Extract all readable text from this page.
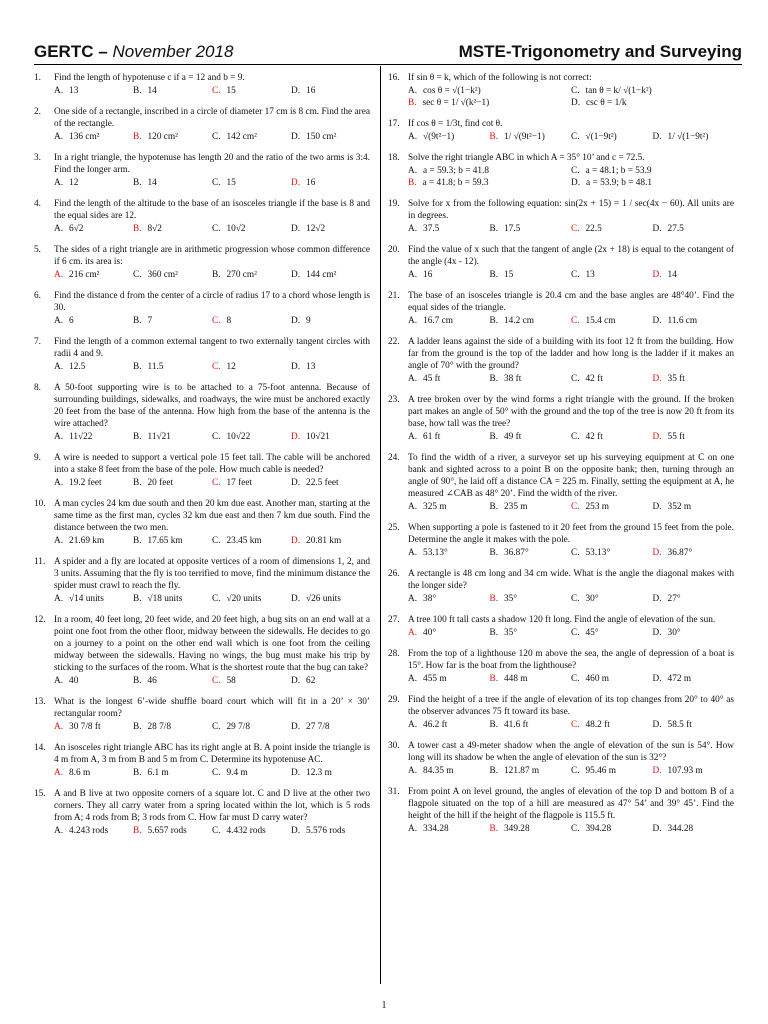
GERTC – November 2018	MSTE-Trigonometry and Surveying
1. Find the length of hypotenuse c if a = 12 and b = 9.
A. 13	B. 14	C. 15	D. 16
2. One side of a rectangle, inscribed in a circle of diameter 17 cm is 8 cm. Find the area of the rectangle.
A. 136 cm²	B. 120 cm²	C. 142 cm²	D. 150 cm²
3. In a right triangle, the hypotenuse has length 20 and the ratio of the two arms is 3:4. Find the longer arm.
A. 12	B. 14	C. 15	D. 16
4. Find the length of the altitude to the base of an isosceles triangle if the base is 8 and the equal sides are 12.
A. 6√2	B. 8√2	C. 10√2	D. 12√2
5. The sides of a right triangle are in arithmetic progression whose common difference if 6 cm. its area is:
A. 216 cm²	C. 360 cm²	B. 270 cm²	D. 144 cm²
6. Find the distance d from the center of a circle of radius 17 to a chord whose length is 30.
A. 6	B. 7	C. 8	D. 9
7. Find the length of a common external tangent to two externally tangent circles with radii 4 and 9.
A. 12.5	B. 11.5	C. 12	D. 13
8. A 50-foot supporting wire is to be attached to a 75-foot antenna. Because of surrounding buildings, sidewalks, and roadways, the wire must be anchored exactly 20 feet from the base of the antenna. How high from the base of the antenna is the wire attached?
A. 11√22	B. 11√21	C. 10√22	D. 10√21
9. A wire is needed to support a vertical pole 15 feet tall. The cable will be anchored into a stake 8 feet from the base of the pole. How much cable is needed?
A. 19.2 feet	B. 20 feet	C. 17 feet	D. 22.5 feet
10. A man cycles 24 km due south and then 20 km due east. Another man, starting at the same time as the first man, cycles 32 km due east and then 7 km due south. Find the distance between the two men.
A. 21.69 km	B. 17.65 km	C. 23.45 km	D. 20.81 km
11. A spider and a fly are located at opposite vertices of a room of dimensions 1, 2, and 3 units. Assuming that the fly is too terrified to move, find the minimum distance the spider must crawl to reach the fly.
A. √14 units	B. √18 units	C. √20 units	D. √26 units
12. In a room, 40 feet long, 20 feet wide, and 20 feet high, a bug sits on an end wall at a point one foot from the other floor, midway between the sidewalls. He decides to go on a journey to a point on the other end wall which is one foot from the ceiling midway between the sidewalls. Having no wings, the bug must make his trip by sticking to the surfaces of the room. What is the shortest route that the bug can take?
A. 40	B. 46	C. 58	D. 62
13. What is the longest 6’-wide shuffle board court which will fit in a 20’ × 30’ rectangular room?
A. 30 7/8 ft	B. 28 7/8	C. 29 7/8	D. 27 7/8
14. An isosceles right triangle ABC has its right angle at B. A point inside the triangle is 4 m from A, 3 m from B and 5 m from C. Determine its hypotenuse AC.
A. 8.6 m	B. 6.1 m	C. 9.4 m	D. 12.3 m
15. A and B live at two opposite corners of a square lot. C and D live at the other two corners. They all carry water from a spring located within the lot, which is 5 rods from A; 4 rods from B; 3 rods from C. How far must D carry water?
A. 4.243 rods	B. 5.657 rods	C. 4.432 rods	D. 5.576 rods
16. If sin θ = k, which of the following is not correct:
A. cos θ = √(1−k²)	C. tan θ = k/ √(1−k²)
B. sec θ = 1/ √(k²−1)	D. csc θ = 1/k
17. If cos θ = 1/3t, find cot θ.
A. √(9t²−1)	B. 1/ √(9t²−1)	C. √(1−9t²)	D. 1/ √(1−9t²)
18. Solve the right triangle ABC in which A = 35° 10’ and c = 72.5.
A. a = 59.3; b = 41.8	C. a = 48.1; b = 53.9
B. a = 41.8; b = 59.3	D. a = 53.9; b = 48.1
19. Solve for x from the following equation: sin(2x + 15) = 1 / sec(4x − 60). All units are in degrees.
A. 37.5	B. 17.5	C. 22.5	D. 27.5
20. Find the value of x such that the tangent of angle (2x + 18) is equal to the cotangent of the angle (4x - 12).
A. 16	B. 15	C. 13	D. 14
21. The base of an isosceles triangle is 20.4 cm and the base angles are 48°40’. Find the equal sides of the triangle.
A. 16.7 cm	B. 14.2 cm	C. 15.4 cm	D. 11.6 cm
22. A ladder leans against the side of a building with its foot 12 ft from the building. How far from the ground is the top of the ladder and how long is the ladder if it makes an angle of 70° with the ground?
A. 45 ft	B. 38 ft	C. 42 ft	D. 35 ft
23. A tree broken over by the wind forms a right triangle with the ground. If the broken part makes an angle of 50° with the ground and the top of the tree is now 20 ft from its base, how tall was the tree?
A. 61 ft	B. 49 ft	C. 42 ft	D. 55 ft
24. To find the width of a river, a surveyor set up his surveying equipment at C on one bank and sighted across to a point B on the opposite bank; then, turning through an angle of 90°, he laid off a distance CA = 225 m. Finally, setting the equipment at A, he measured ∠CAB as 48° 20’. Find the width of the river.
A. 325 m	B. 235 m	C. 253 m	D. 352 m
25. When supporting a pole is fastened to it 20 feet from the ground 15 feet from the pole. Determine the angle it makes with the pole.
A. 53.13°	B. 36.87°	C. 53.13°	D. 36.87°
26. A rectangle is 48 cm long and 34 cm wide. What is the angle the diagonal makes with the longer side?
A. 38°	B. 35°	C. 30°	D. 27°
27. A tree 100 ft tall casts a shadow 120 ft long. Find the angle of elevation of the sun.
A. 40°	B. 35°	C. 45°	D. 30°
28. From the top of a lighthouse 120 m above the sea, the angle of depression of a boat is 15°. How far is the boat from the lighthouse?
A. 455 m	B. 448 m	C. 460 m	D. 472 m
29. Find the height of a tree if the angle of elevation of its top changes from 20° to 40° as the observer advances 75 ft toward its base.
A. 46.2 ft	B. 41.6 ft	C. 48.2 ft	D. 58.5 ft
30. A tower cast a 49-meter shadow when the angle of elevation of the sun is 54°. How long will its shadow be when the angle of elevation of the sun is 32°?
A. 84.35 m	B. 121.87 m	C. 95.46 m	D. 107.93 m
31. From point A on level ground, the angles of elevation of the top D and bottom B of a flagpole situated on the top of a hill are measured as 47° 54’ and 39° 45’. Find the height of the hill if the height of the flagpole is 115.5 ft.
A. 334.28	B. 349.28	C. 394.28	D. 344.28
1
